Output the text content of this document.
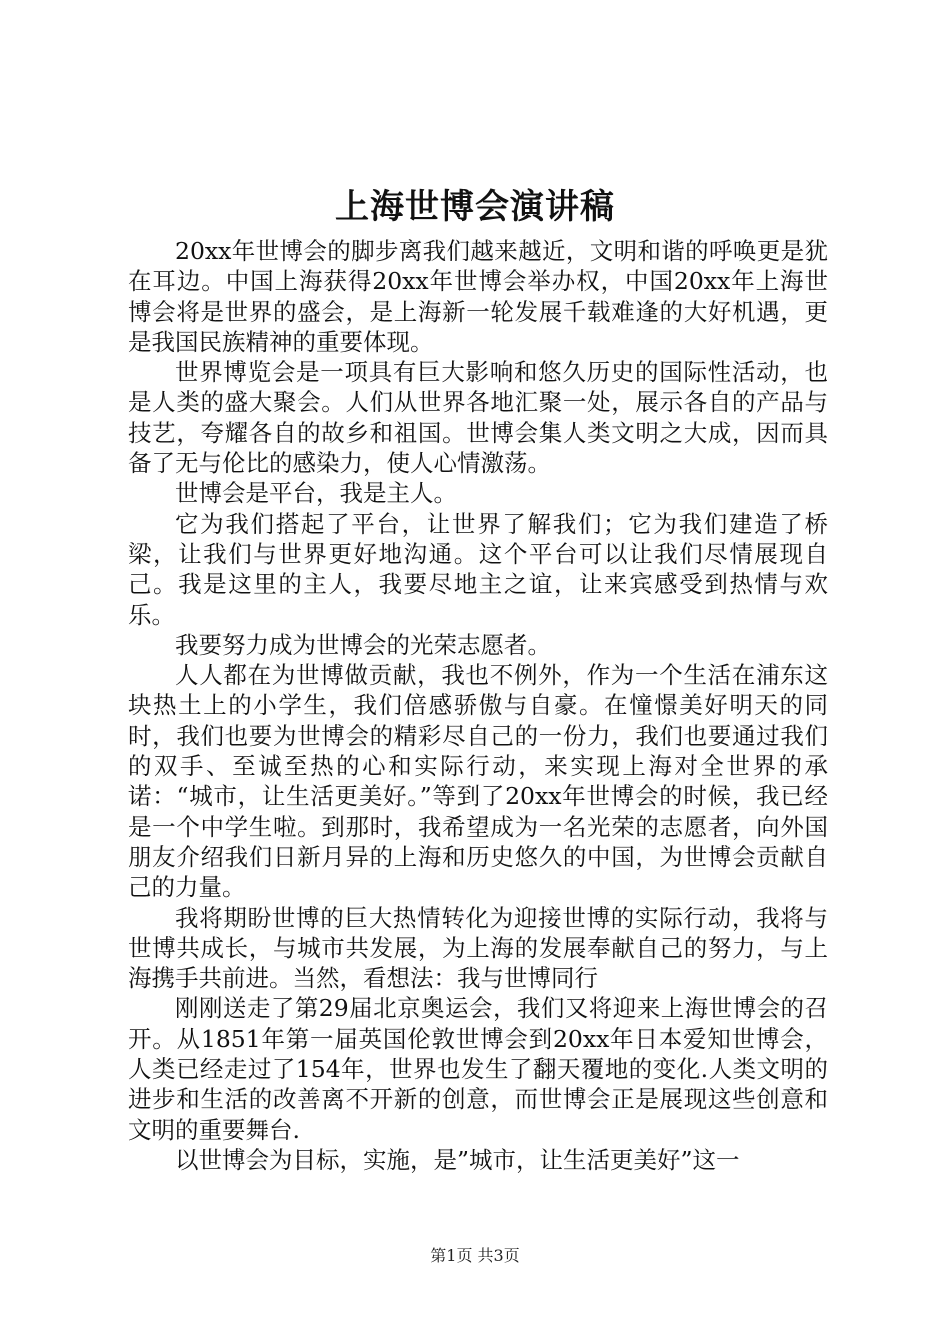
上海世博会演讲稿

20xx年世博会的脚步离我们越来越近，文明和谐的呼唤更是犹在耳边。中国上海获得20xx年世博会举办权，中国20xx年上海世博会将是世界的盛会，是上海新一轮发展千载难逢的大好机遇，更是我国民族精神的重要体现。

世界博览会是一项具有巨大影响和悠久历史的国际性活动，也是人类的盛大聚会。人们从世界各地汇聚一处，展示各自的产品与技艺，夸耀各自的故乡和祖国。世博会集人类文明之大成，因而具备了无与伦比的感染力，使人心情激荡。

世博会是平台，我是主人。

它为我们搭起了平台，让世界了解我们；它为我们建造了桥梁，让我们与世界更好地沟通。这个平台可以让我们尽情展现自己。我是这里的主人，我要尽地主之谊，让来宾感受到热情与欢乐。

我要努力成为世博会的光荣志愿者。

人人都在为世博做贡献，我也不例外，作为一个生活在浦东这块热土上的小学生，我们倍感骄傲与自豪。在憧憬美好明天的同时，我们也要为世博会的精彩尽自己的一份力，我们也要通过我们的双手、至诚至热的心和实际行动，来实现上海对全世界的承诺：“城市，让生活更美好。”等到了20xx年世博会的时候，我已经是一个中学生啦。到那时，我希望成为一名光荣的志愿者，向外国朋友介绍我们日新月异的上海和历史悠久的中国，为世博会贡献自己的力量。

我将期盼世博的巨大热情转化为迎接世博的实际行动，我将与世博共成长，与城市共发展，为上海的发展奉献自己的努力，与上海携手共前进。当然，看想法：我与世博同行

刚刚送走了第29届北京奥运会，我们又将迎来上海世博会的召开。从1851年第一届英国伦敦世博会到20xx年日本爱知世博会，人类已经走过了154年，世界也发生了翻天覆地的变化.人类文明的进步和生活的改善离不开新的创意，而世博会正是展现这些创意和文明的重要舞台.

以世博会为目标，实施，是”城市，让生活更美好”这一

第1页 共3页
